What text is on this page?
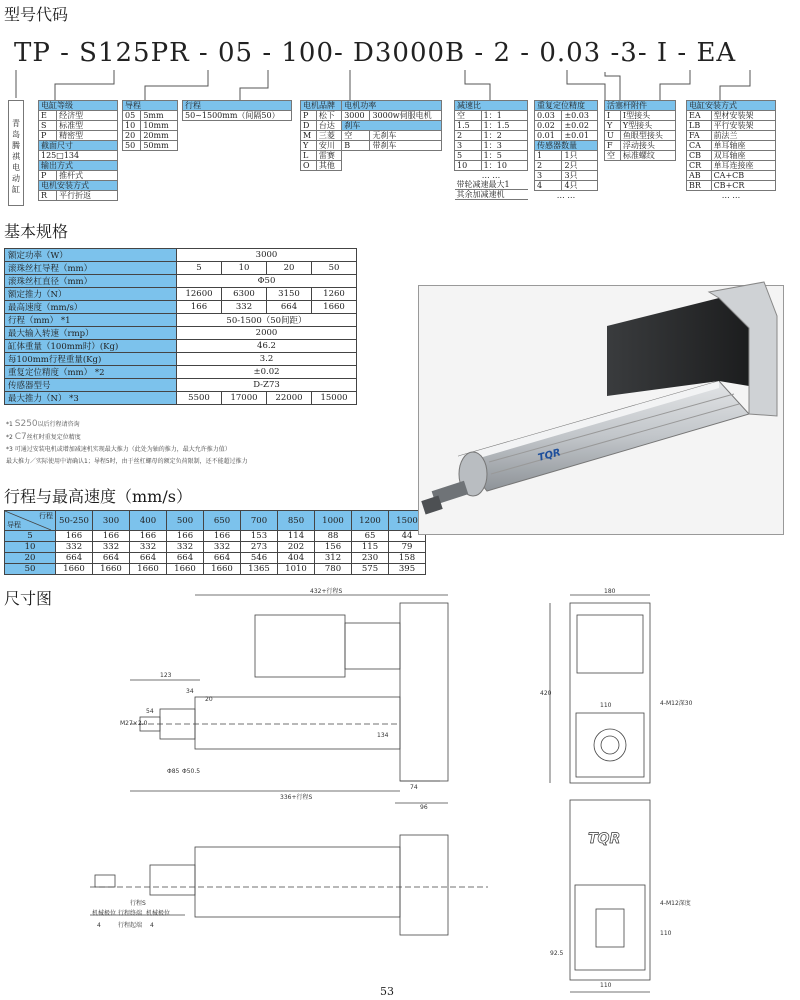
型号代码
基本规格
行程与最高速度（mm/s）
尺寸图
TP - S125PR - 05 - 100- D3000B - 2 - 0.03 -3- I - EA
青岛腾祺电动缸
电缸等级	
E	经济型
S	标准型
P	精密型
截面尺寸	
125□134	
输出方式	
P	推杆式
电机安装方式	
R	平行折返
导程	
05	5mm
10	10mm
20	20mm
50	50mm
行程
50~1500mm（间隔50）
电机品牌		电机功率	
P	松下	3000	3000w伺服电机
D	台达	刹车	
M	三菱	空	无刹车
Y	安川	B	带刹车
L	雷赛		
O	其他		
减速比	
空	1：1
1.5	1：1.5
2	1：2
3	1：3
5	1：5
10	1：10
… …	
带轮减速最大1	
其余加减速机	
重复定位精度	
0.03	±0.03
0.02	±0.02
0.01	±0.01
传感器数量	
1	1只
2	2只
3	3只
4	4只
… …	
活塞杆附件	
I	I型接头
Y	Y型接头
U	鱼眼型接头
F	浮动接头
空	标准螺纹
电缸安装方式	
EA	型材安装架
LB	平行安装架
FA	前法兰
CA	单耳轴座
CB	双耳轴座
CR	单耳连接座
AB	CA+CB
BR	CB+CR
… …	
额定功率（W）	3000			
滚珠丝杠导程（mm）	5	10	20	50
滚珠丝杠直径（mm）	Φ50			
额定推力（N）	12600	6300	3150	1260
最高速度（mm/s）	166	332	664	1660
行程（mm） *1	50-1500（50间距）			
最大输入转速（rmp）	2000			
缸体重量（100mm时）(Kg)	46.2			
每100mm行程重量(Kg)	3.2			
重复定位精度（mm） *2	±0.02			
传感器型号	D-Z73			
最大推力（N） *3	5500	17000	22000	15000
*1 S250以后行程请咨询
*2 C7丝杠时重复定位精度
*3 可通过安装电机或增加减速机实现最大推力（此处为轴的推力，最大允许推力值）
最大推力／实际使用中请确认1；导程5时，由于丝杠螺母的额定负荷限制，还不能超过推力
行程
导程	50-250	300	400	500	650	700	850	1000	1200	1500
5	166	166	166	166	166	153	114	88	65	44
10	332	332	332	332	332	273	202	156	115	79
20	664	664	664	664	664	546	404	312	230	158
50	1660	1660	1660	1660	1660	1365	1010	780	575	395
TQR
432+行程S
123
34
20
54
M27×2.0
134
Φ85 Φ50.5
336+行程S
74
96
180
420
110	4-M12深30
4-M12深度
110
110
92.5
机械极位 行程终端 机械极位
行程起端
4	4
行程S
TQR
53
